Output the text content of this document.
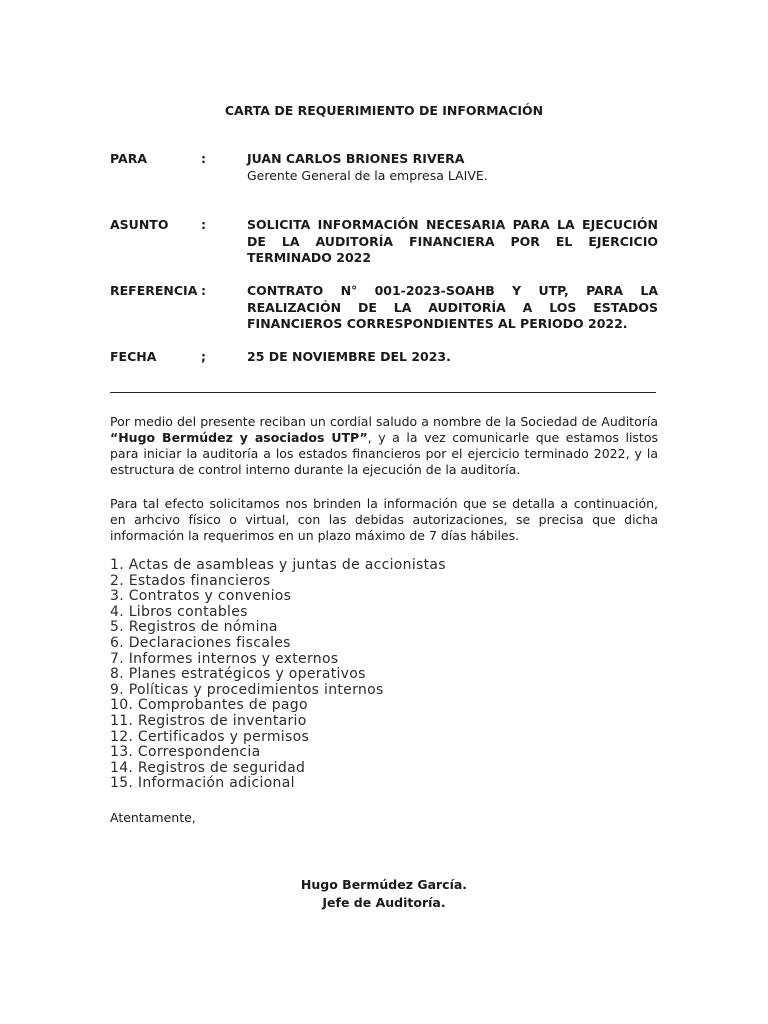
CARTA DE REQUERIMIENTO DE INFORMACIÓN
PARA	:	JUAN CARLOS BRIONES RIVERA
Gerente General de la empresa LAIVE.
ASUNTO	:	SOLICITA INFORMACIÓN NECESARIA PARA LA EJECUCIÓN DE LA AUDITORÍA FINANCIERA POR EL EJERCICIO TERMINADO 2022
REFERENCIA :	CONTRATO N° 001-2023-SOAHB Y UTP, PARA LA REALIZACIÓN DE LA AUDITORÍA A LOS ESTADOS FINANCIEROS CORRESPONDIENTES AL PERIODO 2022.
FECHA	;	25 DE NOVIEMBRE DEL 2023.
Por medio del presente reciban un cordial saludo a nombre de la Sociedad de Auditoría “Hugo Bermúdez y asociados UTP”, y a la vez comunicarle que estamos listos para iniciar la auditoría a los estados financieros por el ejercicio terminado 2022, y la estructura de control interno durante la ejecución de la auditoría.
Para tal efecto solicitamos nos brinden la información que se detalla a continuación, en arhcivo físico o virtual, con las debidas autorizaciones, se precisa que dicha información la requerimos en un plazo máximo de 7 días hábiles.
1. Actas de asambleas y juntas de accionistas
2. Estados financieros
3. Contratos y convenios
4. Libros contables
5. Registros de nómina
6. Declaraciones fiscales
7. Informes internos y externos
8. Planes estratégicos y operativos
9. Políticas y procedimientos internos
10. Comprobantes de pago
11. Registros de inventario
12. Certificados y permisos
13. Correspondencia
14. Registros de seguridad
15. Información adicional
Atentamente,
Hugo Bermúdez García.
Jefe de Auditoría.
